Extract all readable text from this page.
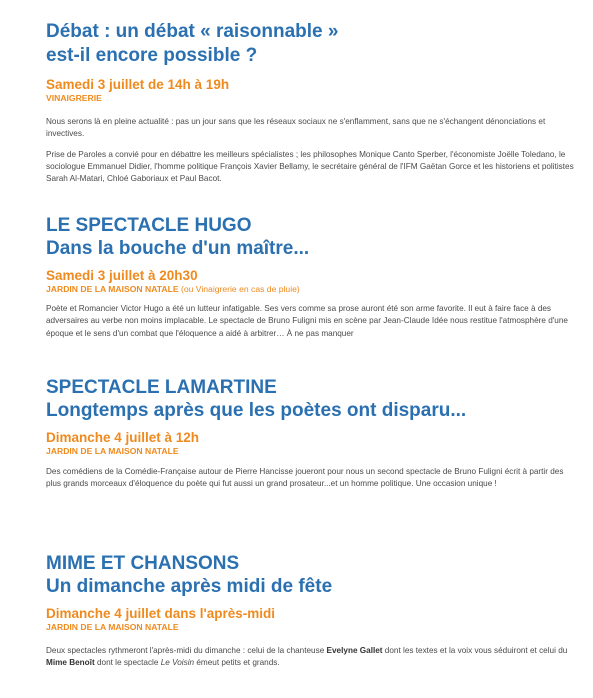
Débat : un débat « raisonnable »
est-il encore possible ?

Samedi 3 juillet de 14h à 19h

VINAIGRERIE

Nous serons là en pleine actualité : pas un jour sans que les réseaux sociaux ne s'enflamment, sans que ne s'échangent dénonciations et invectives.

Prise de Paroles a convié pour en débattre les meilleurs spécialistes ; les philosophes Monique Canto Sperber, l'économiste Joëlle Toledano, le sociologue Emmanuel Didier, l'homme politique François Xavier Bellamy, le secrétaire général de l'IFM Gaëtan Gorce et les historiens et politistes Sarah Al-Matari, Chloé Gaboriaux et Paul Bacot.

LE SPECTACLE HUGO
Dans la bouche d'un maître...

Samedi 3 juillet à 20h30

JARDIN DE LA MAISON NATALE (ou Vinaigrerie en cas de pluie)

Poète et Romancier Victor Hugo a été un lutteur infatigable. Ses vers comme sa prose auront été son arme favorite. Il eut à faire face à des adversaires au verbe non moins implacable. Le spectacle de Bruno Fuligni mis en scène par Jean-Claude Idée nous restitue l'atmosphère d'une époque et le sens d'un combat que l'éloquence a aidé à arbitrer… À ne pas manquer

SPECTACLE LAMARTINE
Longtemps après que les poètes ont disparu...

Dimanche 4 juillet à 12h

JARDIN DE LA MAISON NATALE

Des comédiens de la Comédie-Française autour de Pierre Hancisse joueront pour nous un second spectacle de Bruno Fuligni écrit à partir des plus grands morceaux d'éloquence du poète qui fut aussi un grand prosateur...et un homme politique. Une occasion unique !

MIME ET CHANSONS
Un dimanche après midi de fête

Dimanche 4 juillet dans l'après-midi

JARDIN DE LA MAISON NATALE

Deux spectacles rythmeront l'après-midi du dimanche : celui de la chanteuse Evelyne Gallet dont les textes et la voix vous séduiront et celui du Mime Benoît dont le spectacle Le Voisin émeut petits et grands.
